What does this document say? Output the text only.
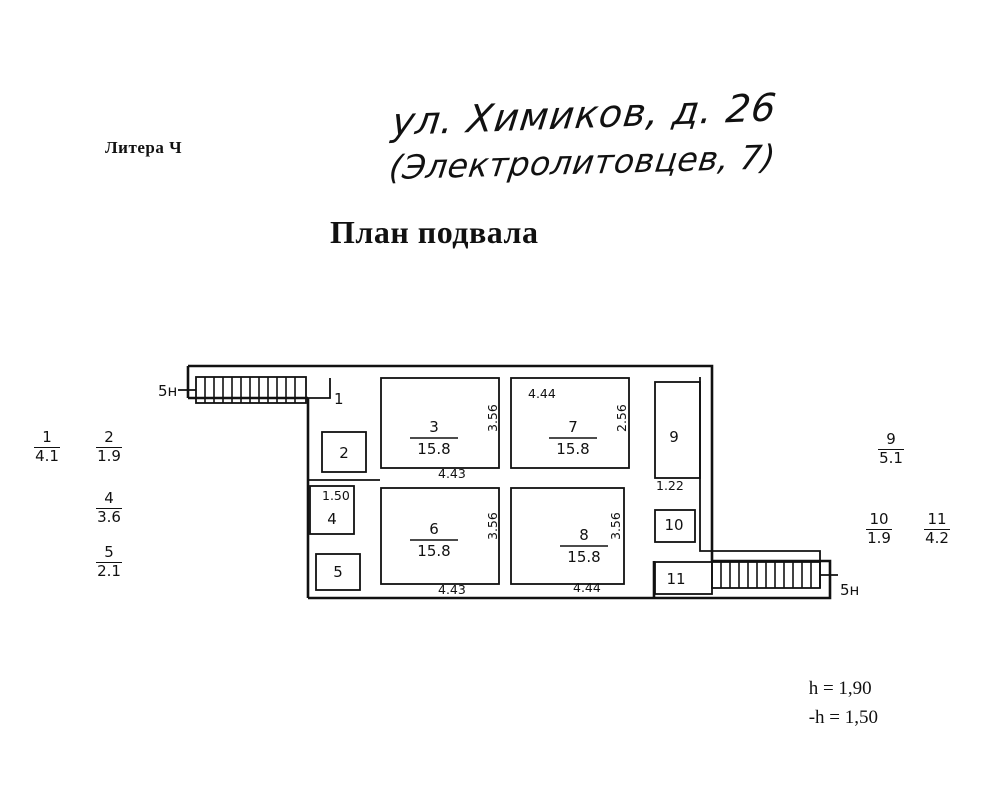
Литера Ч
ул. Химиков, д. 26
(Электролитовцев, 7)
План подвала
1
4.1
2
1.9
4
3.6
5
2.1
9
5.1
10
1.9
11
4.2
h = 1,90
-h = 1,50
5н
5н
1
2
3
15.8
4
5
6
15.8
7
15.8
8
15.8
9
10
11
3.56
4.43
4.44
2.56
1.22
1.50
3.56
4.43
3.56
4.44
